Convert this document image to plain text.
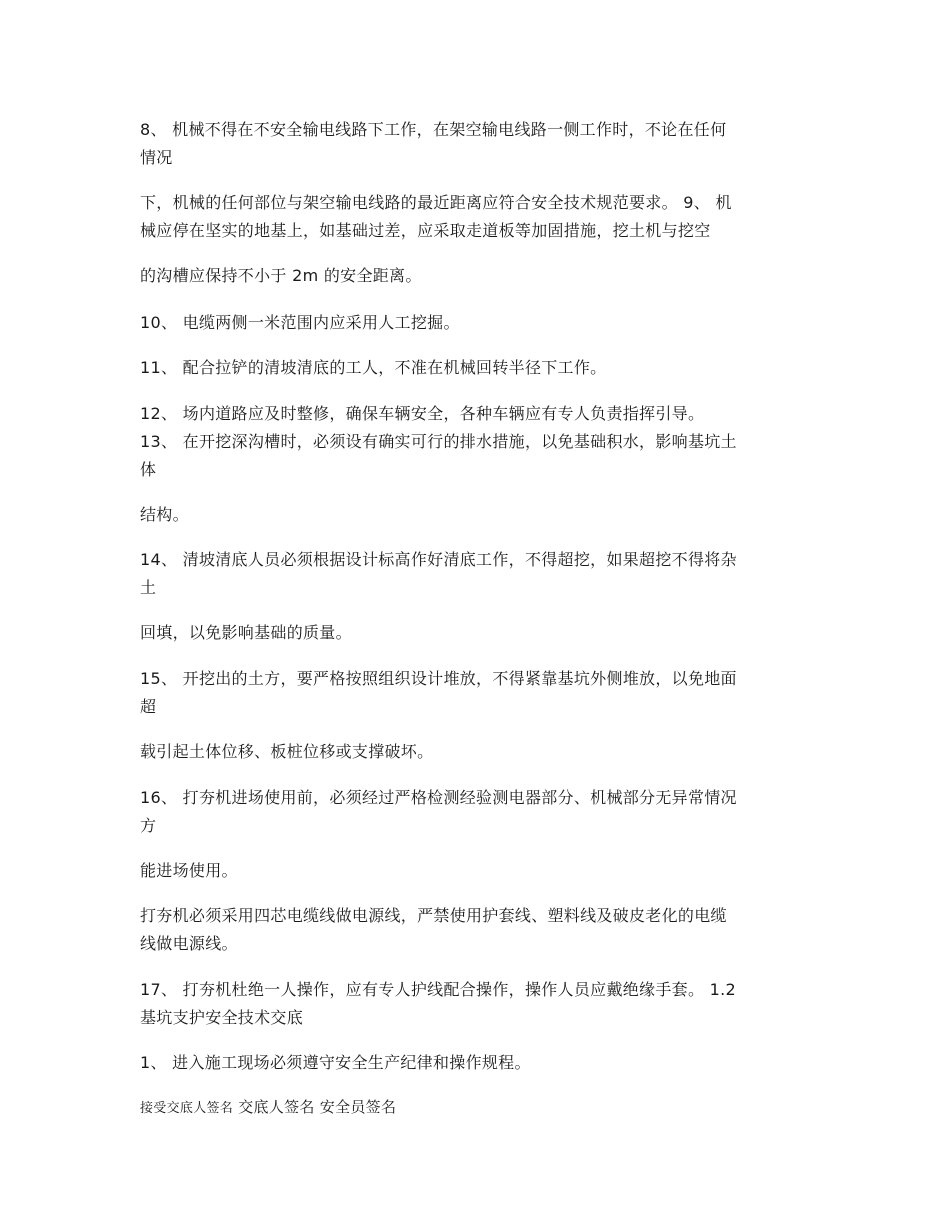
8、 机械不得在不安全输电线路下工作，在架空输电线路一侧工作时，不论在任何
情况
下，机械的任何部位与架空输电线路的最近距离应符合安全技术规范要求。 9、 机
械应停在坚实的地基上，如基础过差，应采取走道板等加固措施，挖土机与挖空
的沟槽应保持不小于 2m 的安全距离。
10、 电缆两侧一米范围内应采用人工挖掘。
11、 配合拉铲的清坡清底的工人，不准在机械回转半径下工作。
12、 场内道路应及时整修，确保车辆安全，各种车辆应有专人负责指挥引导。
13、 在开挖深沟槽时，必须设有确实可行的排水措施，以免基础积水，影响基坑土
体
结构。
14、 清坡清底人员必须根据设计标高作好清底工作，不得超挖，如果超挖不得将杂
土
回填，以免影响基础的质量。
15、 开挖出的土方，要严格按照组织设计堆放，不得紧靠基坑外侧堆放，以免地面
超
载引起土体位移、板桩位移或支撑破坏。
16、 打夯机进场使用前，必须经过严格检测经验测电器部分、机械部分无异常情况
方
能进场使用。
打夯机必须采用四芯电缆线做电源线，严禁使用护套线、塑料线及破皮老化的电缆
线做电源线。
17、 打夯机杜绝一人操作，应有专人护线配合操作，操作人员应戴绝缘手套。 1.2
基坑支护安全技术交底
1、 进入施工现场必须遵守安全生产纪律和操作规程。
接受交底人签名 交底人签名 安全员签名
